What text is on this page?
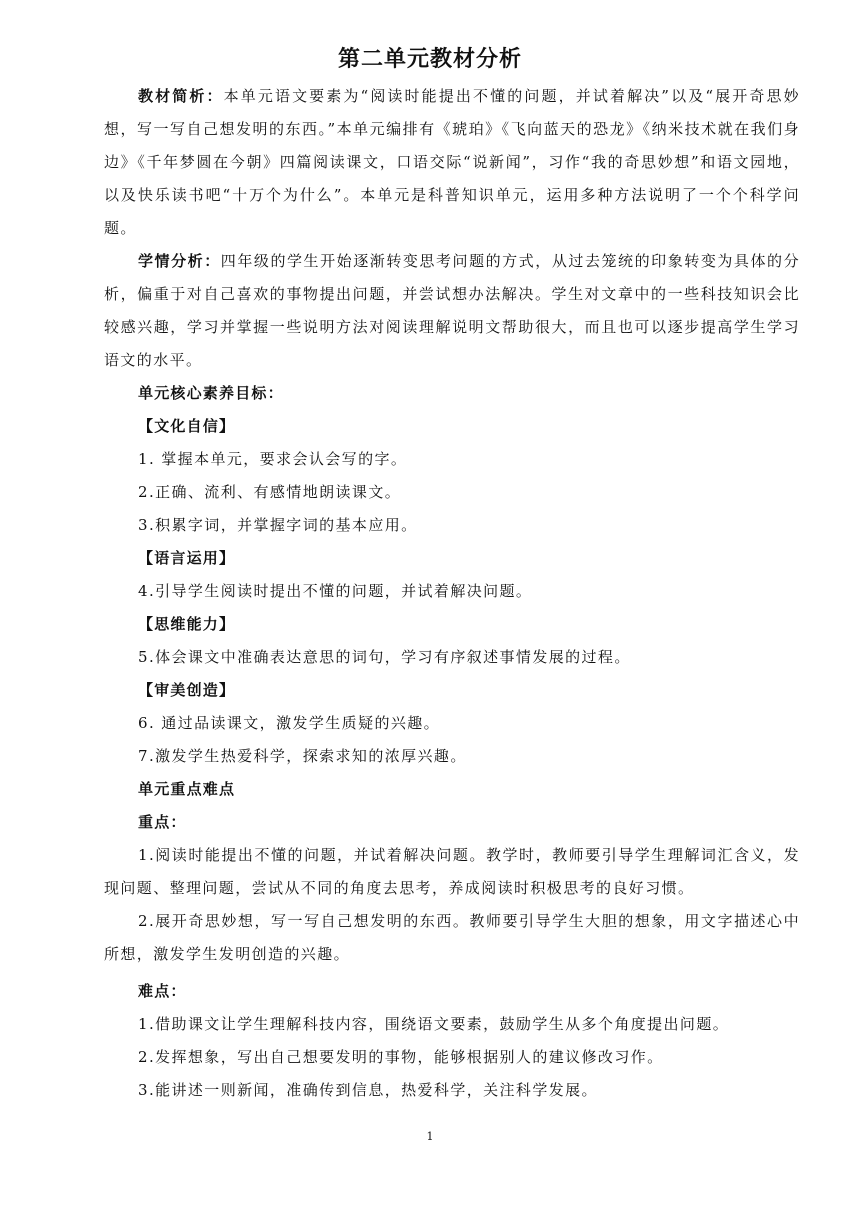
第二单元教材分析

教材简析：本单元语文要素为“阅读时能提出不懂的问题，并试着解决”以及“展开奇思妙想，写一写自己想发明的东西。”本单元编排有《琥珀》《飞向蓝天的恐龙》《纳米技术就在我们身边》《千年梦圆在今朝》四篇阅读课文，口语交际“说新闻”，习作“我的奇思妙想”和语文园地，以及快乐读书吧“十万个为什么”。本单元是科普知识单元，运用多种方法说明了一个个科学问题。

学情分析：四年级的学生开始逐渐转变思考问题的方式，从过去笼统的印象转变为具体的分析，偏重于对自己喜欢的事物提出问题，并尝试想办法解决。学生对文章中的一些科技知识会比较感兴趣，学习并掌握一些说明方法对阅读理解说明文帮助很大，而且也可以逐步提高学生学习语文的水平。

单元核心素养目标：

【文化自信】

1. 掌握本单元，要求会认会写的字。

2.正确、流利、有感情地朗读课文。

3.积累字词，并掌握字词的基本应用。

【语言运用】

4.引导学生阅读时提出不懂的问题，并试着解决问题。

【思维能力】

5.体会课文中准确表达意思的词句，学习有序叙述事情发展的过程。

【审美创造】

6. 通过品读课文，激发学生质疑的兴趣。

7.激发学生热爱科学，探索求知的浓厚兴趣。

单元重点难点

重点：

1.阅读时能提出不懂的问题，并试着解决问题。教学时，教师要引导学生理解词汇含义，发现问题、整理问题，尝试从不同的角度去思考，养成阅读时积极思考的良好习惯。

2.展开奇思妙想，写一写自己想发明的东西。教师要引导学生大胆的想象，用文字描述心中所想，激发学生发明创造的兴趣。

难点：

1.借助课文让学生理解科技内容，围绕语文要素，鼓励学生从多个角度提出问题。

2.发挥想象，写出自己想要发明的事物，能够根据别人的建议修改习作。

3.能讲述一则新闻，准确传到信息，热爱科学，关注科学发展。

1
